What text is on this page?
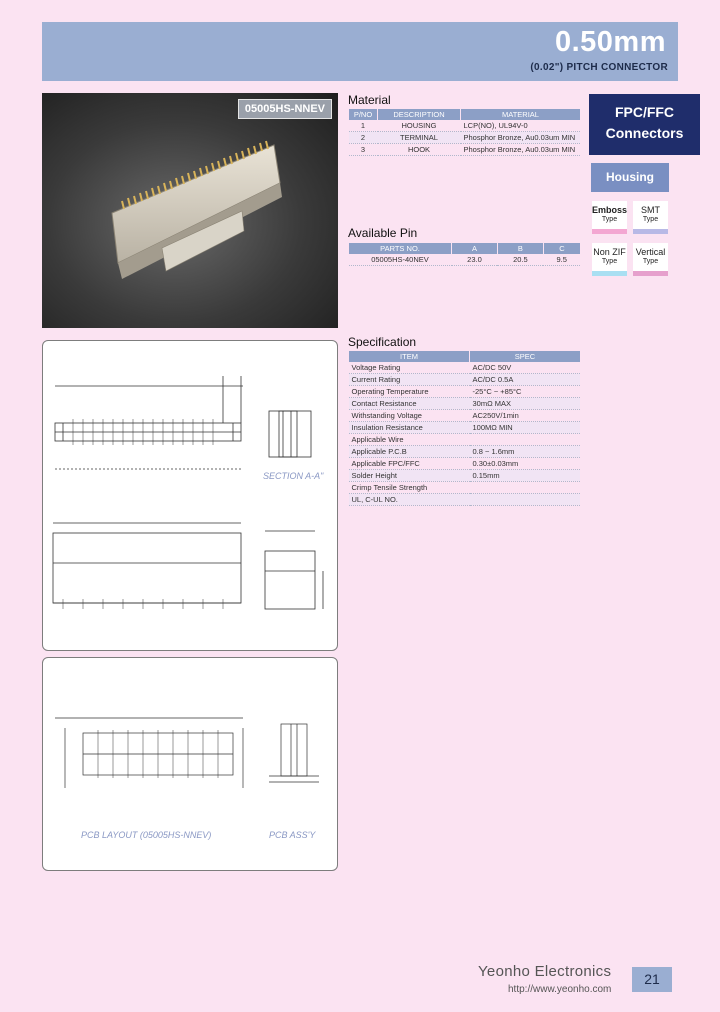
0.50mm
(0.02") PITCH CONNECTOR
05005HS-NNEV
Material
P/NO	DESCRIPTION	MATERIAL
1	HOUSING	LCP(NO), UL94V-0
2	TERMINAL	Phosphor Bronze, Au0.03um MIN
3	HOOK	Phosphor Bronze, Au0.03um MIN
Available Pin
PARTS NO.	A	B	C
05005HS-40NEV	23.0	20.5	9.5
Specification
ITEM	SPEC
Voltage Rating	AC/DC 50V
Current Rating	AC/DC 0.5A
Operating Temperature	-25°C ~ +85°C
Contact Resistance	30mΩ MAX
Withstanding Voltage	AC250V/1min
Insulation Resistance	100MΩ MIN
Applicable Wire	
Applicable P.C.B	0.8 ~ 1.6mm
Applicable FPC/FFC	0.30±0.03mm
Solder Height	0.15mm
Crimp Tensile Strength	
UL, C-UL NO.	
FPC/FFC
Connectors
Housing
Emboss
Type
SMT
Type
Non ZIF
Type
Vertical
Type
SECTION A-A"
PCB LAYOUT (05005HS-NNEV)	PCB ASS'Y
Yeonho Electronics
http://www.yeonho.com
21
